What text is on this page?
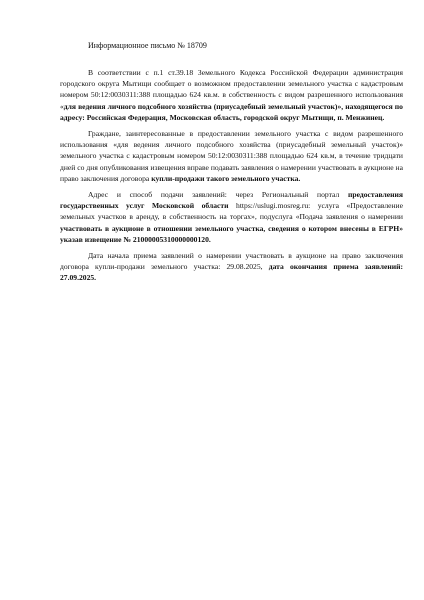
Информационное письмо № 18709

В соответствии с п.1 ст.39.18 Земельного Кодекса Российской Федерации администрация городского округа Мытищи сообщает о возможном предоставлении земельного участка с кадастровым номером 50:12:0030311:388 площадью 624 кв.м. в собственность с видом разрешенного использования «для ведения личного подсобного хозяйства (приусадебный земельный участок)», находящегося по адресу: Российская Федерация, Московская область, городской округ Мытищи, п. Менжинец.

Граждане, заинтересованные в предоставлении земельного участка с видом разрешенного использования «для ведения личного подсобного хозяйства (приусадебный земельный участок)» земельного участка с кадастровым номером 50:12:0030311:388 площадью 624 кв.м, в течение тридцати дней со дня опубликования извещения вправе подавать заявления о намерении участвовать в аукционе на право заключения договора купли-продажи такого земельного участка.

Адрес и способ подачи заявлений: через Региональный портал предоставления государственных услуг Московской области https://uslugi.mosreg.ru: услуга «Предоставление земельных участков в аренду, в собственность на торгах», подуслуга «Подача заявления о намерении участвовать в аукционе в отношении земельного участка, сведения о котором внесены в ЕГРН» указав извещение № 21000005310000000120.

Дата начала приема заявлений о намерении участвовать в аукционе на право заключения договора купли-продажи земельного участка: 29.08.2025, дата окончания приема заявлений: 27.09.2025.
